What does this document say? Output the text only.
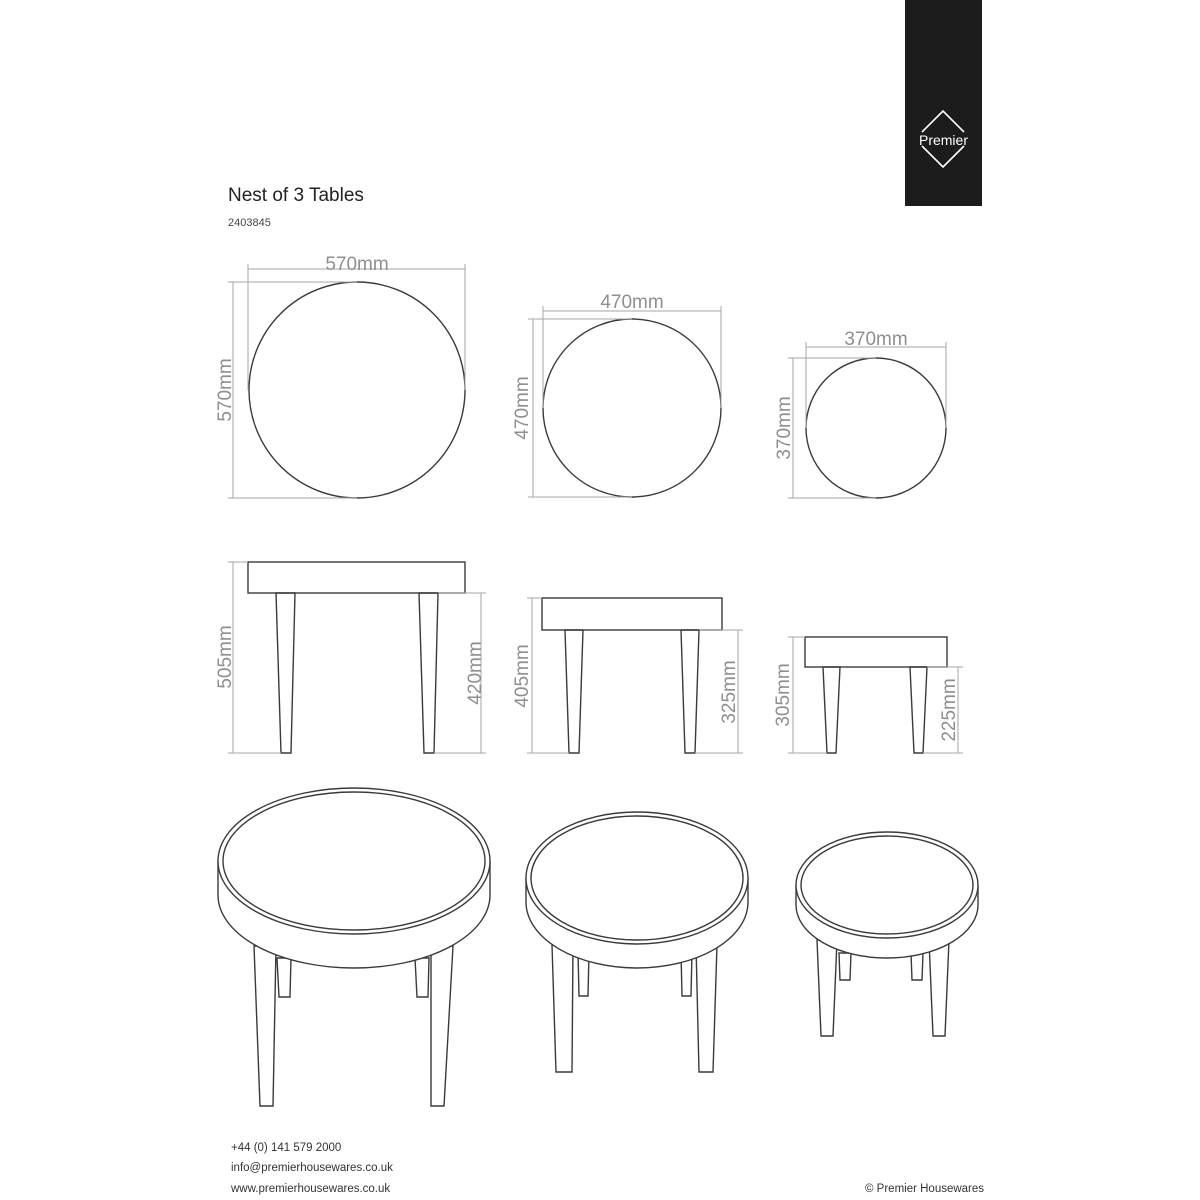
Premier
Nest of 3 Tables
2403845
570mm
570mm
470mm
470mm
370mm
370mm
505mm	420mm 405mm	325mm 305mm	225mm
+44 (0) 141 579 2000
info@premierhousewares.co.uk
www.premierhousewares.co.uk	© Premier Housewares
